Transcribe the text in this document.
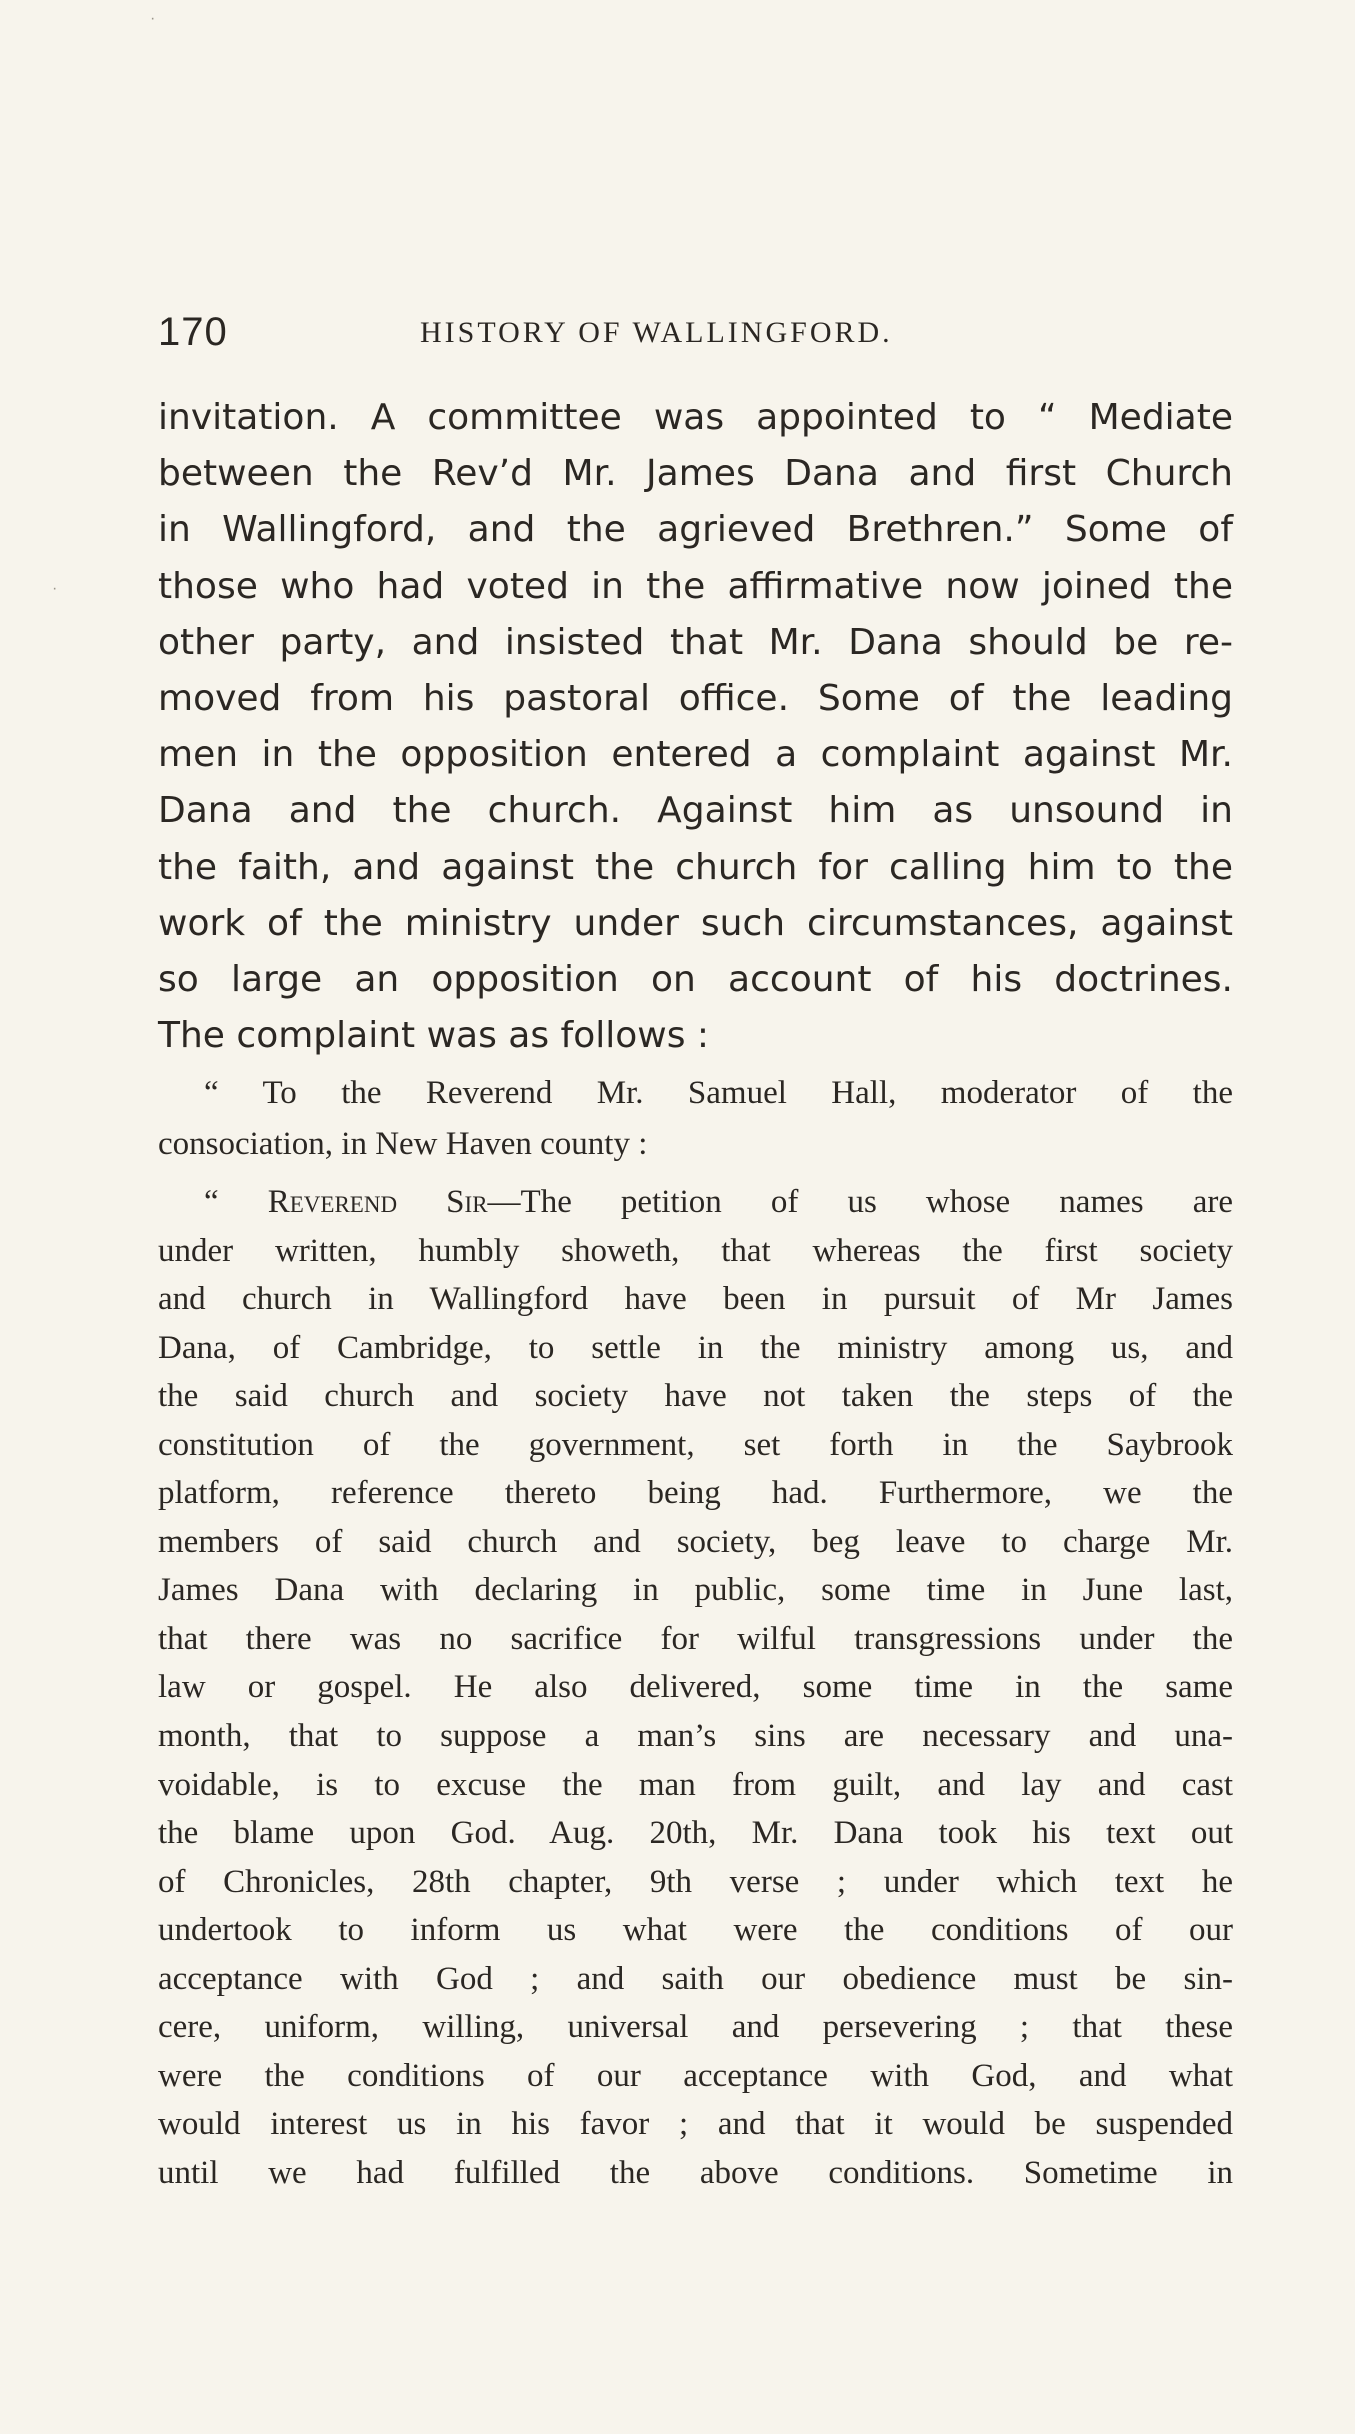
·
·
170	HISTORY OF WALLINGFORD.
invitation. A committee was appointed to “ Mediate
between the Rev’d Mr. James Dana and first Church
in Wallingford, and the agrieved Brethren.” Some of
those who had voted in the affirmative now joined the
other party, and insisted that Mr. Dana should be re-
moved from his pastoral office. Some of the leading
men in the opposition entered a complaint against Mr.
Dana and the church. Against him as unsound in
the faith, and against the church for calling him to the
work of the ministry under such circumstances, against
so large an opposition on account of his doctrines.
The complaint was as follows :
“ To the Reverend Mr. Samuel Hall, moderator of the
consociation, in New Haven county :
“ Reverend Sir—The petition of us whose names are
under written, humbly showeth, that whereas the first society
and church in Wallingford have been in pursuit of Mr James
Dana, of Cambridge, to settle in the ministry among us, and
the said church and society have not taken the steps of the
constitution of the government, set forth in the Saybrook
platform, reference thereto being had. Furthermore, we the
members of said church and society, beg leave to charge Mr.
James Dana with declaring in public, some time in June last,
that there was no sacrifice for wilful transgressions under the
law or gospel. He also delivered, some time in the same
month, that to suppose a man’s sins are necessary and una-
voidable, is to excuse the man from guilt, and lay and cast
the blame upon God. Aug. 20th, Mr. Dana took his text out
of Chronicles, 28th chapter, 9th verse ; under which text he
undertook to inform us what were the conditions of our
acceptance with God ; and saith our obedience must be sin-
cere, uniform, willing, universal and persevering ; that these
were the conditions of our acceptance with God, and what
would interest us in his favor ; and that it would be suspended
until we had fulfilled the above conditions. Sometime in
